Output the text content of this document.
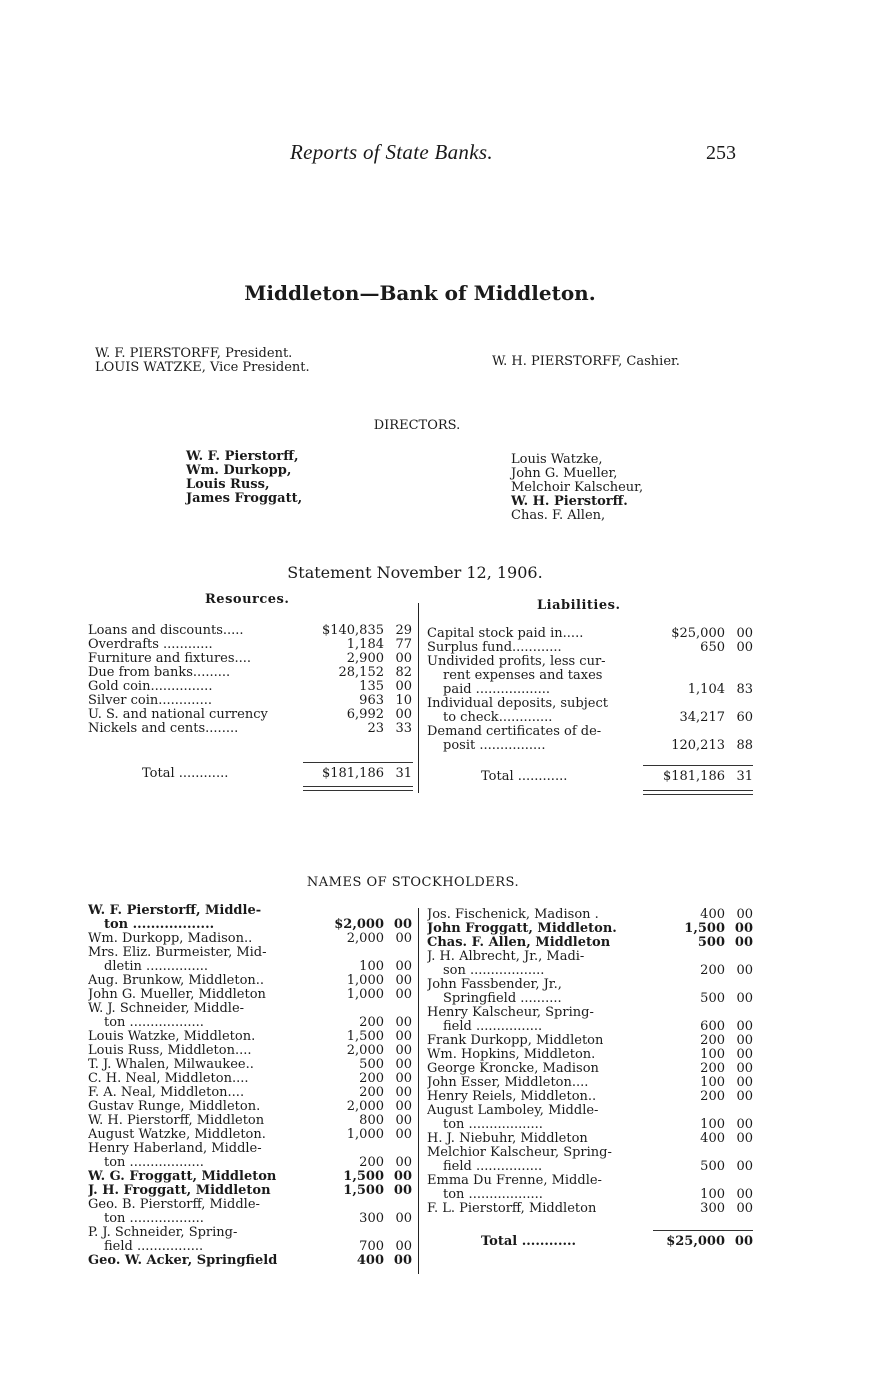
Reports of State Banks.	253
Middleton—Bank of Middleton.
W. F. PIERSTORFF, President.
LOUIS WATZKE, Vice President.	W. H. PIERSTORFF, Cashier.
DIRECTORS.
W. F. Pierstorff,
Wm. Durkopp,
Louis Russ,
James Froggatt,
Louis Watzke,
John G. Mueller,
Melchoir Kalscheur,
W. H. Pierstorff.
Chas. F. Allen,
Statement November 12, 1906.
Resources.	Liabilities.
Loans and discounts.....	$140,835	29
Overdrafts ............	1,184	77
Furniture and fixtures....	2,900	00
Due from banks.........	28,152	82
Gold coin...............	135	00
Silver coin.............	963	10
U. S. and national currency	6,992	00
Nickels and cents........	23	33
Total ............	$181,186	31
Capital stock paid in.....	$25,000	00
Surplus fund............	650	00
Undivided profits, less cur-		
rent expenses and taxes		
paid ..................	1,104	83
Individual deposits, subject		
to check.............	34,217	60
Demand certificates of de-		
posit ................	120,213	88
Total ............	$181,186	31
NAMES OF STOCKHOLDERS.
W. F. Pierstorff, Middle-		
ton ..................	$2,000	00
Wm. Durkopp, Madison..	2,000	00
Mrs. Eliz. Burmeister, Mid-		
dletin ...............	100	00
Aug. Brunkow, Middleton..	1,000	00
John G. Mueller, Middleton	1,000	00
W. J. Schneider, Middle-		
ton ..................	200	00
Louis Watzke, Middleton.	1,500	00
Louis Russ, Middleton....	2,000	00
T. J. Whalen, Milwaukee..	500	00
C. H. Neal, Middleton....	200	00
F. A. Neal, Middleton....	200	00
Gustav Runge, Middleton.	2,000	00
W. H. Pierstorff, Middleton	800	00
August Watzke, Middleton.	1,000	00
Henry Haberland, Middle-		
ton ..................	200	00
W. G. Froggatt, Middleton	1,500	00
J. H. Froggatt, Middleton	1,500	00
Geo. B. Pierstorff, Middle-		
ton ..................	300	00
P. J. Schneider, Spring-		
field ................	700	00
Geo. W. Acker, Springfield	400	00
Jos. Fischenick, Madison .	400	00
John Froggatt, Middleton.	1,500	00
Chas. F. Allen, Middleton	500	00
J. H. Albrecht, Jr., Madi-		
son ..................	200	00
John Fassbender, Jr.,		
Springfield ..........	500	00
Henry Kalscheur, Spring-		
field ................	600	00
Frank Durkopp, Middleton	200	00
Wm. Hopkins, Middleton.	100	00
George Kroncke, Madison	200	00
John Esser, Middleton....	100	00
Henry Reiels, Middleton..	200	00
August Lamboley, Middle-		
ton ..................	100	00
H. J. Niebuhr, Middleton	400	00
Melchior Kalscheur, Spring-		
field ................	500	00
Emma Du Frenne, Middle-		
ton ..................	100	00
F. L. Pierstorff, Middleton	300	00
Total ............	$25,000	00
